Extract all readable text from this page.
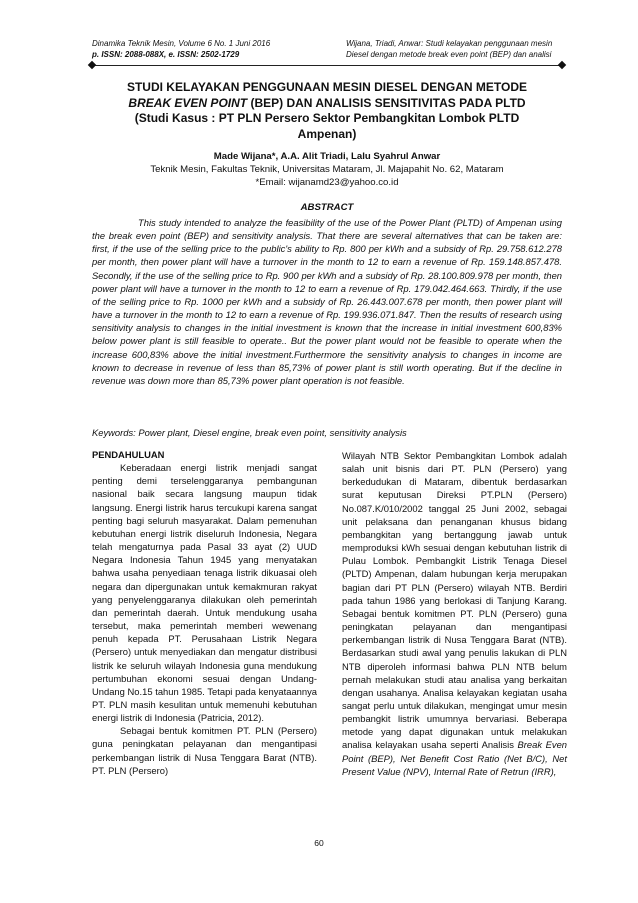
Dinamika Teknik Mesin, Volume 6 No. 1 Juni 2016
p. ISSN: 2088-088X, e. ISSN: 2502-1729
Wijana, Triadi, Anwar: Studi kelayakan penggunaan mesin
Diesel dengan metode break even point (BEP) dan analisi
STUDI KELAYAKAN PENGGUNAAN MESIN DIESEL DENGAN METODE
BREAK EVEN POINT (BEP) DAN ANALISIS SENSITIVITAS PADA PLTD
(Studi Kasus : PT PLN Persero Sektor Pembangkitan Lombok PLTD
Ampenan)
Made Wijana*, A.A. Alit Triadi, Lalu Syahrul Anwar
Teknik Mesin, Fakultas Teknik, Universitas Mataram, Jl. Majapahit No. 62, Mataram
*Email: wijanamd23@yahoo.co.id
ABSTRACT

This study intended to analyze the feasibility of the use of the Power Plant (PLTD) of Ampenan using the break even point (BEP) and sensitivity analysis. That there are several alternatives that can be taken are: first, if the use of the selling price to the public's ability to Rp. 800 per kWh and a subsidy of Rp. 29.758.612.278 per month, then power plant will have a turnover in the month to 12 to earn a revenue of Rp. 159.148.857.478. Secondly, if the use of the selling price to Rp. 900 per kWh and a subsidy of Rp. 28.100.809.978 per month, then power plant will have a turnover in the month to 12 to earn a revenue of Rp. 179.042.464.663. Thirdly, if the use of the selling price to Rp. 1000 per kWh and a subsidy of Rp. 26.443.007.678 per month, then power plant will have a turnover in the month to 12 to earn a revenue of Rp. 199.936.071.847. Then the results of research using sensitivity analysis to changes in the initial investment is known that the increase in initial investment 600,83% below power plant is still feasible to operate.. But the power plant would not be feasible to operate when the increase 600,83% above the initial investment.Furthermore the sensitivity analysis to changes in income are known to decrease in revenue of less than 85,73% of power plant is still worth operating. But if the decline in revenue was down more than 85,73% power plant operation is not feasible.

Keywords: Power plant, Diesel engine, break even point, sensitivity analysis
PENDAHULUAN

Keberadaan energi listrik menjadi sangat penting demi terselenggaranya pembangunan nasional baik secara langsung maupun tidak langsung. Energi listrik harus tercukupi karena sangat penting bagi seluruh masyarakat. Dalam pemenuhan kebutuhan energi listrik diseluruh Indonesia, Negara telah mengaturnya pada Pasal 33 ayat (2) UUD Negara Indonesia Tahun 1945 yang menyatakan bahwa usaha penyediaan tenaga listrik dikuasai oleh negara dan dipergunakan untuk kemakmuran rakyat yang penyelenggaranya dilakukan oleh pemerintah dan pemerintah daerah. Untuk mendukung usaha tersebut, maka pemerintah memberi wewenang penuh kepada PT. Perusahaan Listrik Negara (Persero) untuk menyediakan dan mengatur distribusi listrik ke seluruh wilayah Indonesia guna mendukung pertumbuhan ekonomi sesuai dengan Undang-Undang No.15 tahun 1985. Tetapi pada kenyataannya PT. PLN masih kesulitan untuk memenuhi kebutuhan energi listrik di Indonesia (Patricia, 2012).

Sebagai bentuk komitmen PT. PLN (Persero) guna peningkatan pelayanan dan mengantipasi perkembangan listrik di Nusa Tenggara Barat (NTB). PT. PLN (Persero)

Wilayah NTB Sektor Pembangkitan Lombok adalah salah unit bisnis dari PT. PLN (Persero) yang berkedudukan di Mataram, dibentuk berdasarkan surat keputusan Direksi PT.PLN (Persero) No.087.K/010/2002 tanggal 25 Juni 2002, sebagai unit pelaksana dan penanganan khusus bidang pembangkitan yang bertanggung jawab untuk memproduksi kWh sesuai dengan kebutuhan listrik di Pulau Lombok. Pembangkit Listrik Tenaga Diesel (PLTD) Ampenan, dalam hubungan kerja merupakan bagian dari PT PLN (Persero) wilayah NTB. Berdiri pada tahun 1986 yang berlokasi di Tanjung Karang. Sebagai bentuk komitmen PT. PLN (Persero) guna peningkatan pelayanan dan mengantipasi perkembangan listrik di Nusa Tenggara Barat (NTB). Berdasarkan studi awal yang penulis lakukan di PLN NTB diperoleh informasi bahwa PLN NTB belum pernah melakukan studi atau analisa yang berkaitan dengan usahanya. Analisa kelayakan kegiatan usaha sangat perlu untuk dilakukan, mengingat umur mesin pembangkit listrik umumnya bervariasi. Beberapa metode yang dapat digunakan untuk melakukan analisa kelayakan usaha seperti Analisis Break Even Point (BEP), Net Benefit Cost Ratio (Net B/C), Net Present Value (NPV), Internal Rate of Retrun (IRR),

60
